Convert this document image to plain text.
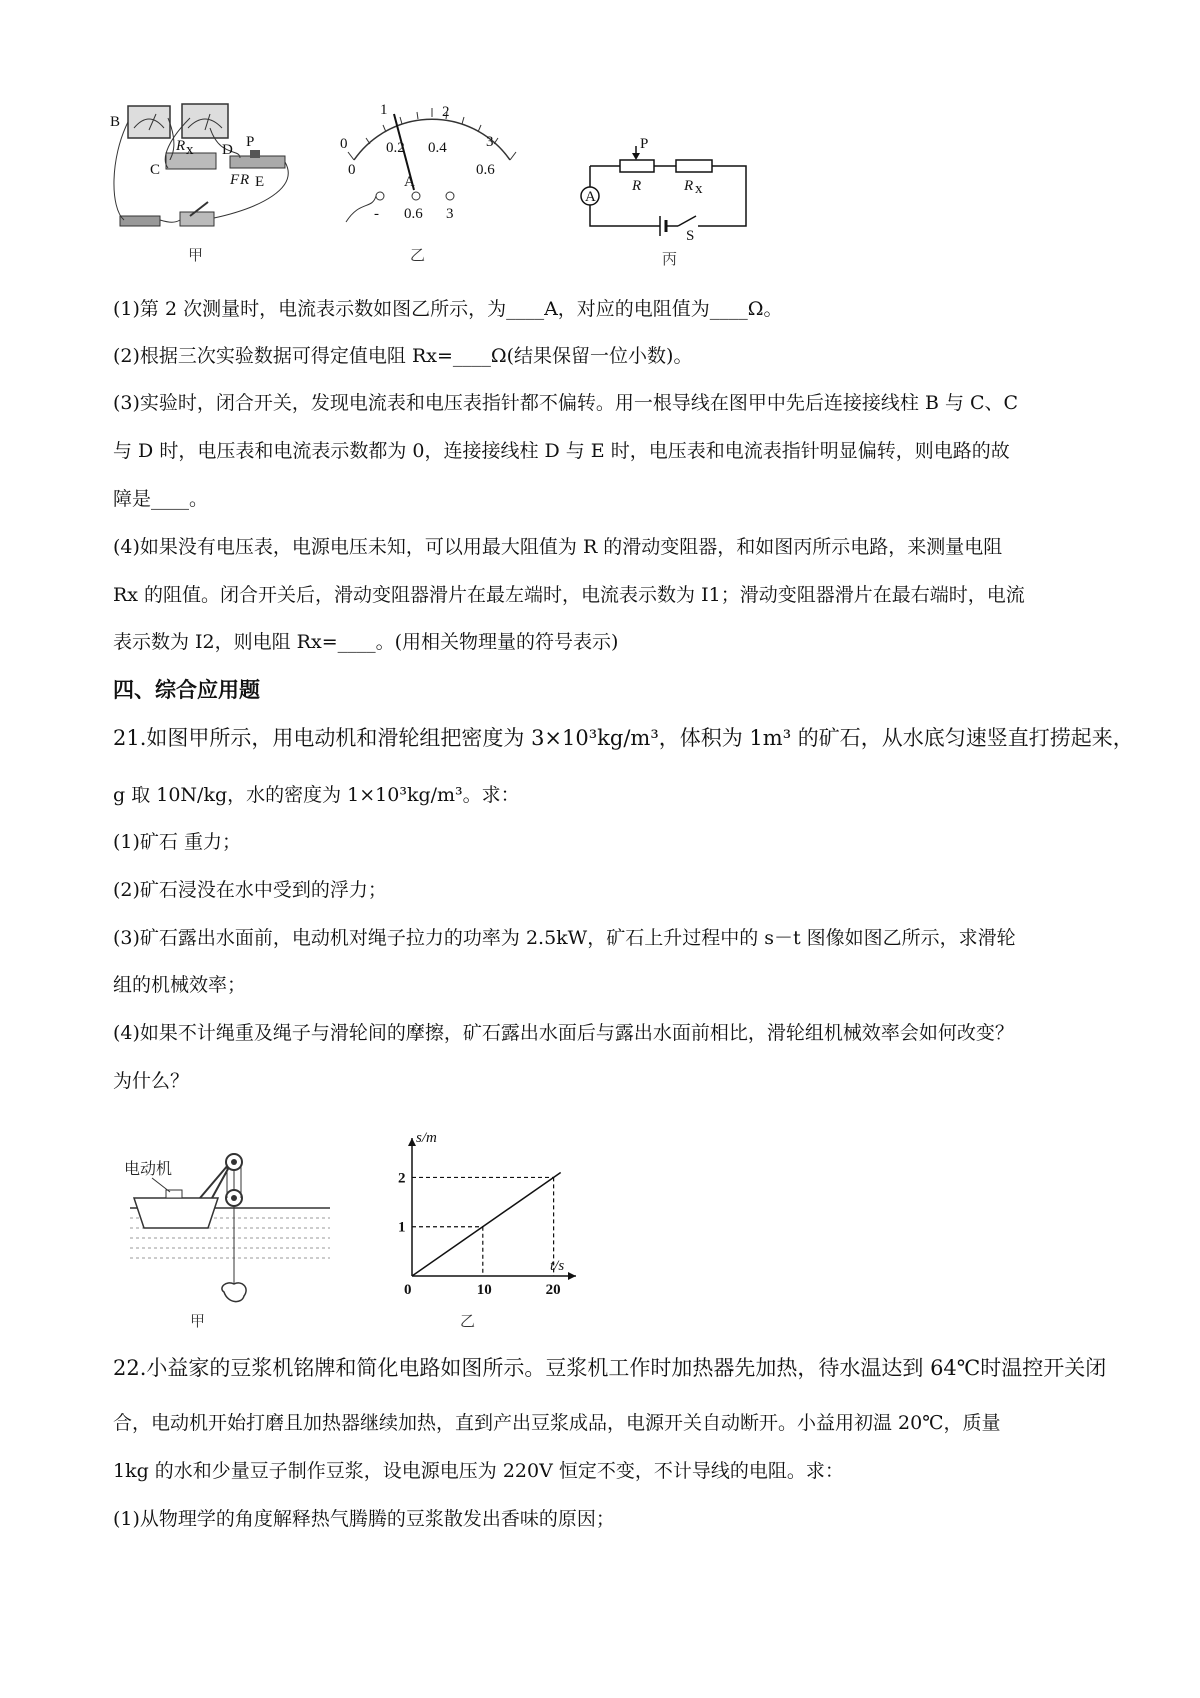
B
C
R x D P
R E
F
甲
1	2
0	3
0
0.2 0.4
0.6
A
- 0.6 3
乙
A
P
R	R x
S
丙
(1)第 2 次测量时，电流表示数如图乙所示，为____A，对应的电阻值为____Ω。
(2)根据三次实验数据可得定值电阻 Rx=____Ω(结果保留一位小数)。
(3)实验时，闭合开关，发现电流表和电压表指针都不偏转。用一根导线在图甲中先后连接接线柱 B 与 C、C
与 D 时，电压表和电流表示数都为 0，连接接线柱 D 与 E 时，电压表和电流表指针明显偏转，则电路的故
障是____。
(4)如果没有电压表，电源电压未知，可以用最大阻值为 R 的滑动变阻器，和如图丙所示电路，来测量电阻
Rx 的阻值。闭合开关后，滑动变阻器滑片在最左端时，电流表示数为 I1；滑动变阻器滑片在最右端时，电流
表示数为 I2，则电阻 Rx=____。(用相关物理量的符号表示)
四、综合应用题
21.如图甲所示，用电动机和滑轮组把密度为 3×10³kg/m³，体积为 1m³ 的矿石，从水底匀速竖直打捞起来，
g 取 10N/kg，水的密度为 1×10³kg/m³。求：
(1)矿石 重力；
(2)矿石浸没在水中受到的浮力；
(3)矿石露出水面前，电动机对绳子拉力的功率为 2.5kW，矿石上升过程中的 s－t 图像如图乙所示，求滑轮
组的机械效率；
(4)如果不计绳重及绳子与滑轮间的摩擦，矿石露出水面后与露出水面前相比，滑轮组机械效率会如何改变？
为什么？
电动机
甲
s/m
t/s
0	10	20
1
2
乙
22.小益家的豆浆机铭牌和简化电路如图所示。豆浆机工作时加热器先加热，待水温达到 64℃时温控开关闭
合，电动机开始打磨且加热器继续加热，直到产出豆浆成品，电源开关自动断开。小益用初温 20℃，质量
1kg 的水和少量豆子制作豆浆，设电源电压为 220V 恒定不变，不计导线的电阻。求：
(1)从物理学的角度解释热气腾腾的豆浆散发出香味的原因；
